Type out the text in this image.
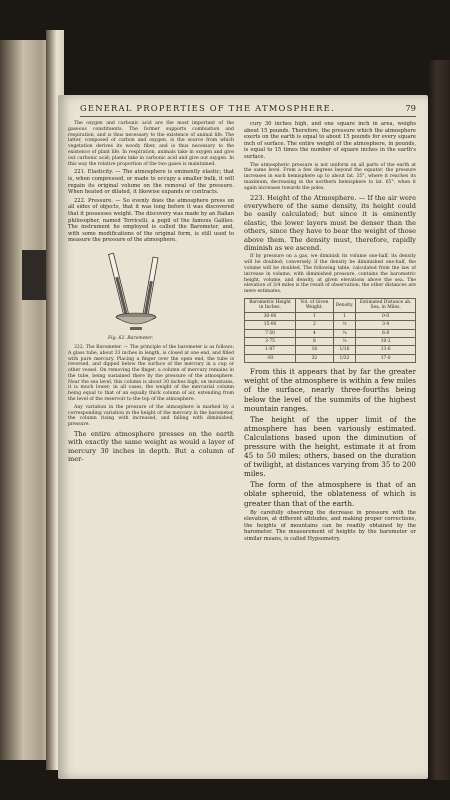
GENERAL PROPERTIES OF THE ATMOSPHERE.	79

The oxygen and carbonic acid are the most important of the gaseous constituents. The former supports combustion and respiration, and is thus necessary to the existence of animal life. The latter, composed of carbon and oxygen, is the source from which vegetation derives its woody fiber, and is thus necessary to the existence of plant life. In respiration, animals take in oxygen and give out carbonic acid; plants take in carbonic acid and give out oxygen. In this way the relative proportion of the two gases is maintained.

221. Elasticity. — The atmosphere is eminently elastic; that is, when compressed, or made to occupy a smaller bulk, it will regain its original volume on the removal of the pressure. When heated or dilated, it likewise expands or contracts.

222. Pressure. — So evenly does the atmosphere press on all sides of objects, that it was long before it was discovered that it possesses weight. The discovery was made by an Italian philosopher, named Torricelli, a pupil of the famous Galileo. The instrument he employed is called the Barometer, and, with some modifications of the original form, is still used to measure the pressure of the atmosphere.

Fig. 62. Barometer.

222. The Barometer. — The principle of the barometer is as follows: A glass tube, about 33 inches in length, is closed at one end, and filled with pure mercury. Placing a finger over the open end, the tube is reversed, and dipped below the surface of the mercury in a cup or other vessel. On removing the finger, a column of mercury remains in the tube, being sustained there by the pressure of the atmosphere. Near the sea level, this column is about 30 inches high; on mountains, it is much lower; in all cases, the weight of the mercurial column being equal to that of an equally thick column of air, extending from the level of the reservoir to the top of the atmosphere.

Any variation in the pressure of the atmosphere is marked by a corresponding variation in the height of the mercury in the barometer, the column rising with increased, and falling with diminished, pressure.

The entire atmosphere presses on the earth with exactly the same weight as would a layer of mercury 30 inches in depth. But a column of mer-

cury 30 inches high, and one square inch in area, weighs about 15 pounds. Therefore, the pressure which the atmosphere exerts on the earth is equal to about 15 pounds for every square inch of surface. The entire weight of the atmosphere, in pounds, is equal to 15 times the number of square inches in the earth's surface.

The atmospheric pressure is not uniform on all parts of the earth at the same level. From a few degrees beyond the equator, the pressure increases in each hemisphere up to about lat. 35°, where it reaches its maximum, decreasing in the northern hemisphere to lat. 65°, when it again increases towards the poles.

223. Height of the Atmosphere. — If the air were everywhere of the same density, its height could be easily calculated; but since it is eminently elastic, the lower layers must be denser than the others, since they have to bear the weight of those above them. The density must, therefore, rapidly diminish as we ascend.

If by pressure on a gas, we diminish its volume one-half, its density will be doubled; conversely, if the density be diminished one-half, the volume will be doubled. The following table, calculated from the law of increase in volume, with diminished pressure, contains the barometric height, volume, and density, at given elevations above the sea. The elevation of 3/4 miles is the result of observation; the other distances are mere estimates.

Barometric Height in Inches.	Vol. of Given Weight.	Density.	Estimated Distance ab. Sea, in Miles.
30·00	1	1	0·0
15·00	2	½	3·4
7·50	4	¼	6·8
3·75	8	⅛	10·2
1·87	16	1/16	13·6
·93	32	1/32	17·0

From this it appears that by far the greater weight of the atmosphere is within a few miles of the surface, nearly three-fourths being below the level of the summits of the highest mountain ranges.

The height of the upper limit of the atmosphere has been variously estimated. Calculations based upon the diminution of pressure with the height, estimate it at from 45 to 50 miles; others, based on the duration of twilight, at distances varying from 35 to 200 miles.

The form of the atmosphere is that of an oblate spheroid, the oblateness of which is greater than that of the earth.

By carefully observing the decrease in pressure with the elevation, at different altitudes, and making proper corrections, the heights of mountains can be readily obtained by the barometer. The measurement of heights by the barometer or similar means, is called Hypsometry.
